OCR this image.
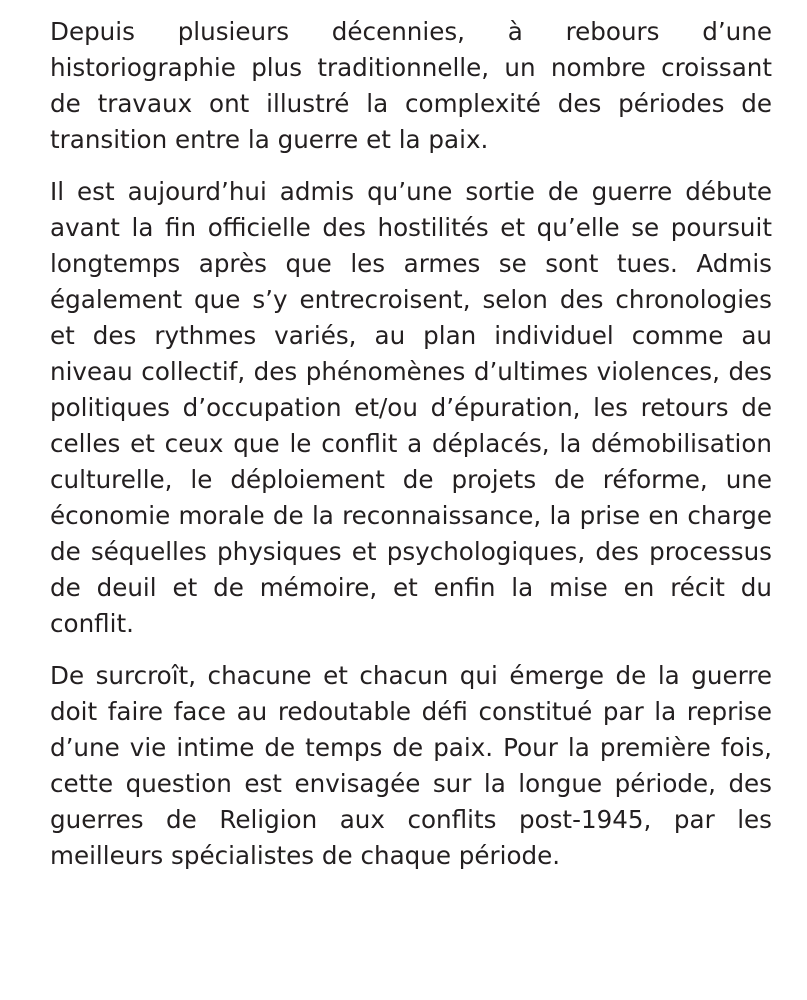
Depuis plusieurs décennies, à rebours d’une historiographie plus traditionnelle, un nombre croissant de travaux ont illustré la complexité des périodes de transition entre la guerre et la paix.

Il est aujourd’hui admis qu’une sortie de guerre débute avant la fin officielle des hostilités et qu’elle se poursuit longtemps après que les armes se sont tues. Admis également que s’y entrecroisent, selon des chronologies et des rythmes variés, au plan individuel comme au niveau collectif, des phénomènes d’ultimes violences, des politiques d’occupation et/ou d’épuration, les retours de celles et ceux que le conflit a déplacés, la démobilisation culturelle, le déploiement de projets de réforme, une économie morale de la reconnaissance, la prise en charge de séquelles physiques et psychologiques, des processus de deuil et de mémoire, et enfin la mise en récit du conflit.

De surcroît, chacune et chacun qui émerge de la guerre doit faire face au redoutable défi constitué par la reprise d’une vie intime de temps de paix. Pour la première fois, cette question est envisagée sur la longue période, des guerres de Religion aux conflits post-1945, par les meilleurs spécialistes de chaque période.
